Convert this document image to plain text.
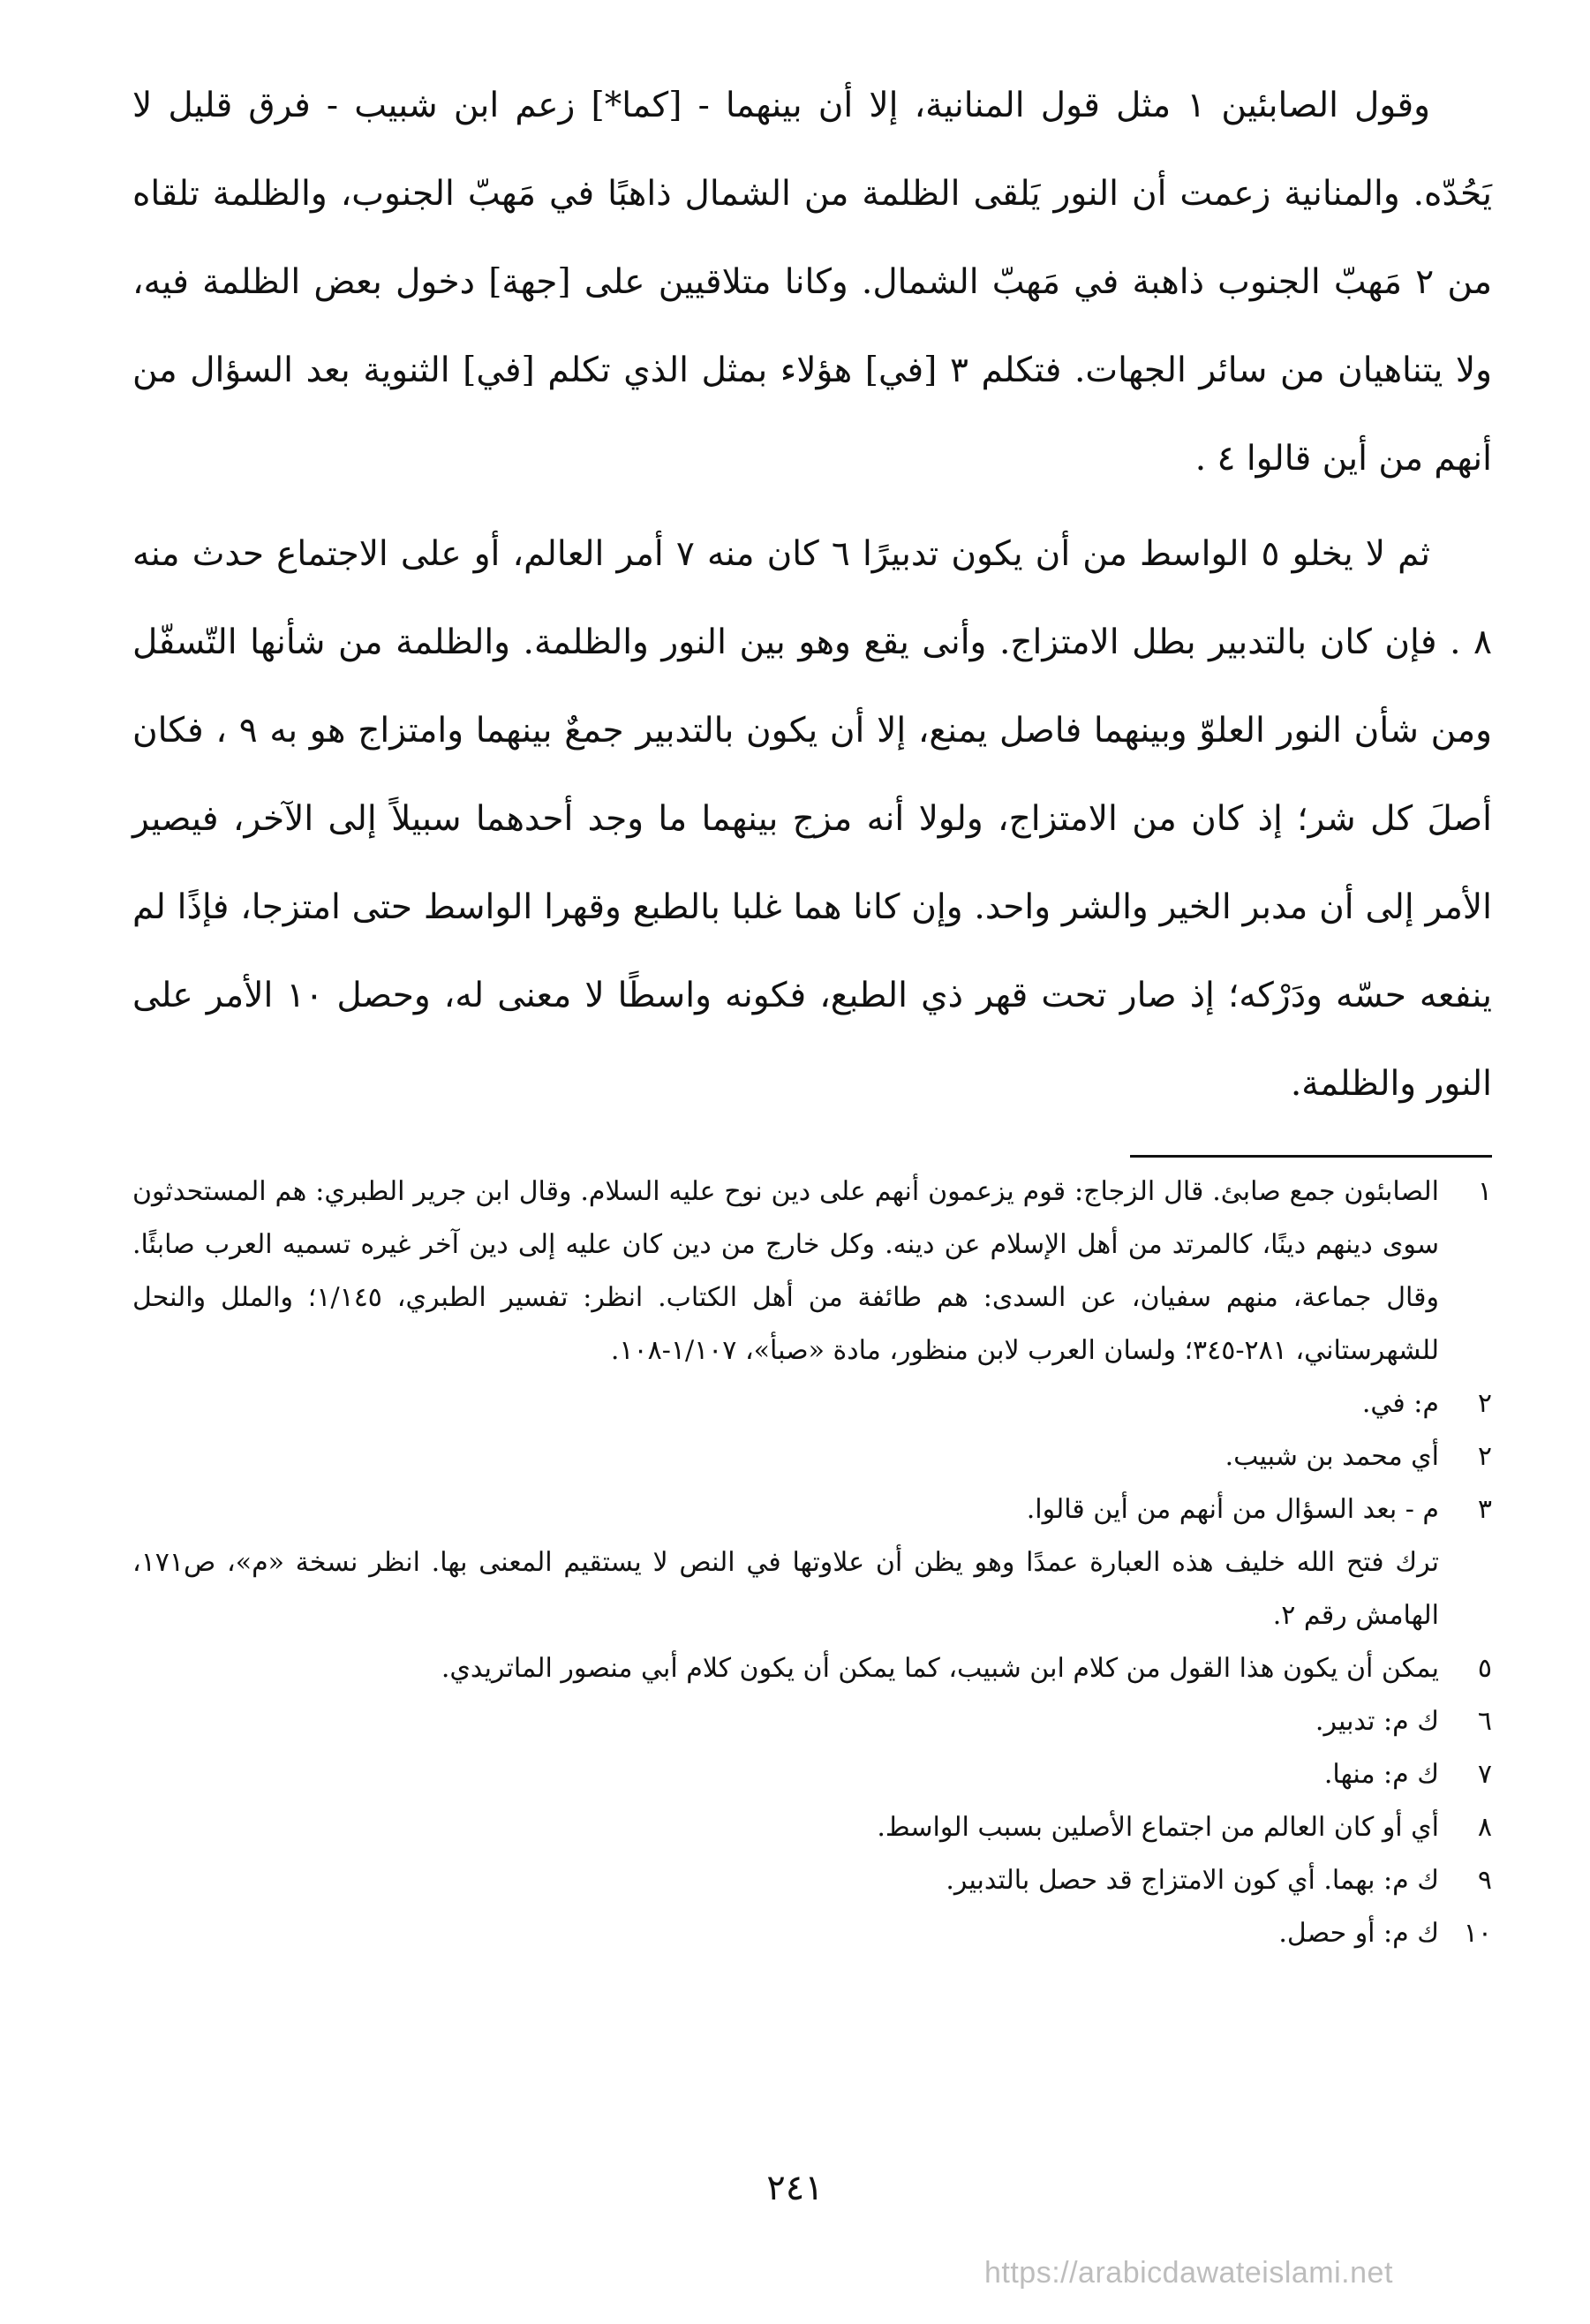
وقول الصابئين ١ مثل قول المنانية، إلا أن بينهما - [كما*] زعم ابن شبيب - فرق قليل لا يَحُدّه. والمنانية زعمت أن النور يَلقى الظلمة من الشمال ذاهبًا في مَهبّ الجنوب، والظلمة تلقاه من ٢ مَهبّ الجنوب ذاهبة في مَهبّ الشمال. وكانا متلاقيين على [جهة] دخول بعض الظلمة فيه، ولا يتناهيان من سائر الجهات. فتكلم ٣ [في] هؤلاء بمثل الذي تكلم [في] الثنوية بعد السؤال من أنهم من أين قالوا ٤ .

ثم لا يخلو ٥ الواسط من أن يكون تدبيرًا ٦ كان منه ٧ أمر العالم، أو على الاجتماع حدث منه ٨ . فإن كان بالتدبير بطل الامتزاج. وأنى يقع وهو بين النور والظلمة. والظلمة من شأنها التّسفّل ومن شأن النور العلوّ وبينهما فاصل يمنع، إلا أن يكون بالتدبير جمعٌ بينهما وامتزاج هو به ٩ ، فكان أصلَ كل شر؛ إذ كان من الامتزاج، ولولا أنه مزج بينهما ما وجد أحدهما سبيلاً إلى الآخر، فيصير الأمر إلى أن مدبر الخير والشر واحد. وإن كانا هما غلبا بالطبع وقهرا الواسط حتى امتزجا، فإذًا لم ينفعه حسّه ودَرْكه؛ إذ صار تحت قهر ذي الطبع، فكونه واسطًا لا معنى له، وحصل ١٠ الأمر على النور والظلمة.

١
الصابئون جمع صابئ. قال الزجاج: قوم يزعمون أنهم على دين نوح عليه السلام. وقال ابن جرير الطبري: هم المستحدثون سوى دينهم دينًا، كالمرتد من أهل الإسلام عن دينه. وكل خارج من دين كان عليه إلى دين آخر غيره تسميه العرب صابئًا. وقال جماعة، منهم سفيان، عن السدى: هم طائفة من أهل الكتاب. انظر: تفسير الطبري، ١/١٤٥؛ والملل والنحل للشهرستاني، ٢٨١-٣٤٥؛ ولسان العرب لابن منظور، مادة «صبأ»، ١/١٠٧-١٠٨.
٢
م: في.
٢
أي محمد بن شبيب.
٣
م - بعد السؤال من أنهم من أين قالوا.
ترك فتح الله خليف هذه العبارة عمدًا وهو يظن أن علاوتها في النص لا يستقيم المعنى بها. انظر نسخة «م»، ص١٧١، الهامش رقم ٢.
٥
يمكن أن يكون هذا القول من كلام ابن شبيب، كما يمكن أن يكون كلام أبي منصور الماتريدي.
٦
ك م: تدبير.
٧
ك م: منها.
٨
أي أو كان العالم من اجتماع الأصلين بسبب الواسط.
٩
ك م: بهما. أي كون الامتزاج قد حصل بالتدبير.
١٠
ك م: أو حصل.
٢٤١
https://arabicdawateislami.net
